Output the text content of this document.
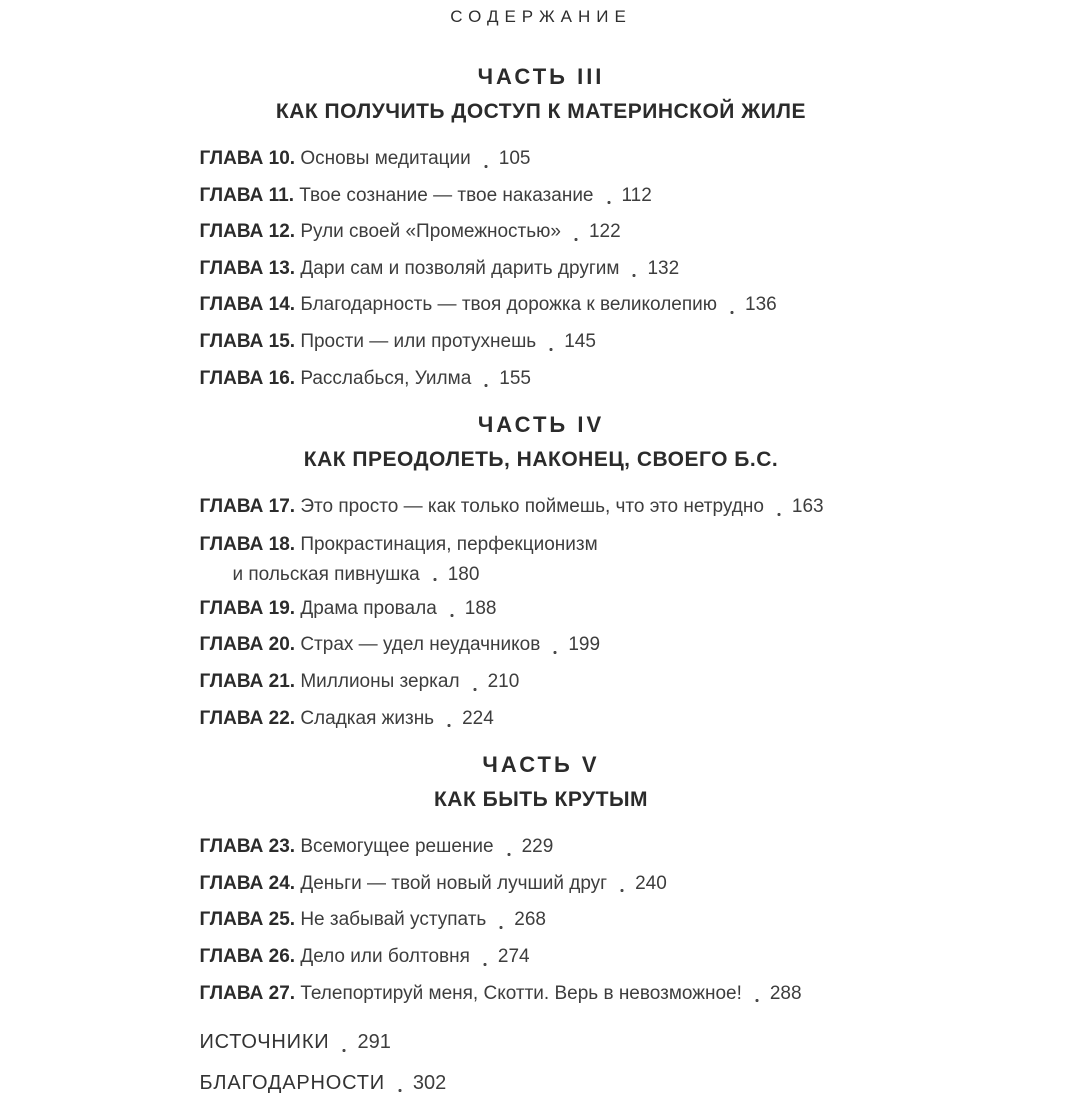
СОДЕРЖАНИЕ
ЧАСТЬ III
КАК ПОЛУЧИТЬ ДОСТУП К МАТЕРИНСКОЙ ЖИЛЕ
ГЛАВА 10. Основы медитации 105
ГЛАВА 11. Твое сознание — твое наказание 112
ГЛАВА 12. Рули своей «Промежностью» 122
ГЛАВА 13. Дари сам и позволяй дарить другим 132
ГЛАВА 14. Благодарность — твоя дорожка к великолепию 136
ГЛАВА 15. Прости — или протухнешь 145
ГЛАВА 16. Расслабься, Уилма 155
ЧАСТЬ IV
КАК ПРЕОДОЛЕТЬ, НАКОНЕЦ, СВОЕГО Б.С.
ГЛАВА 17. Это просто — как только поймешь, что это нетрудно 163
ГЛАВА 18. Прокрастинация, перфекционизм
и польская пивнушка 180
ГЛАВА 19. Драма провала 188
ГЛАВА 20. Страх — удел неудачников 199
ГЛАВА 21. Миллионы зеркал 210
ГЛАВА 22. Сладкая жизнь 224
ЧАСТЬ V
КАК БЫТЬ КРУТЫМ
ГЛАВА 23. Всемогущее решение 229
ГЛАВА 24. Деньги — твой новый лучший друг 240
ГЛАВА 25. Не забывай уступать 268
ГЛАВА 26. Дело или болтовня 274
ГЛАВА 27. Телепортируй меня, Скотти. Верь в невозможное! 288
ИСТОЧНИКИ 291
БЛАГОДАРНОСТИ 302
